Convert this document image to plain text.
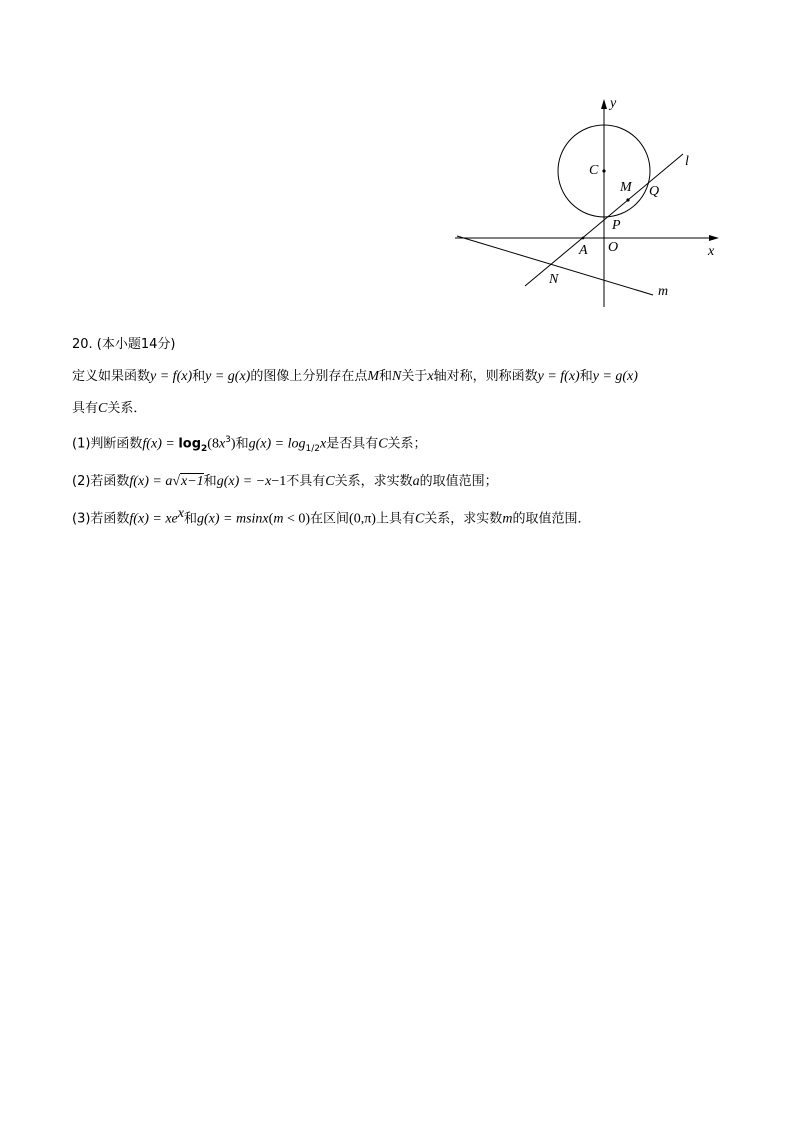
y
x
C
M Q
l
P
A O
N
m
20. (本小题14分)
定义如果函数y = f(x)和y = g(x)的图像上分别存在点M和N关于x轴对称，则称函数y = f(x)和y = g(x)
具有C关系．
(1)判断函数$f(x) = \log_2(8x^3)$和$g(x) = \log_{1/2}x$是否具有C关系；
(2)若函数f(x) = a√x−1和g(x) = −x−1不具有C关系，求实数a的取值范围；
(3)若函数$f(x) = xe^x$和g(x) = msinx(m < 0)在区间(0,π)上具有C关系，求实数m的取值范围．
